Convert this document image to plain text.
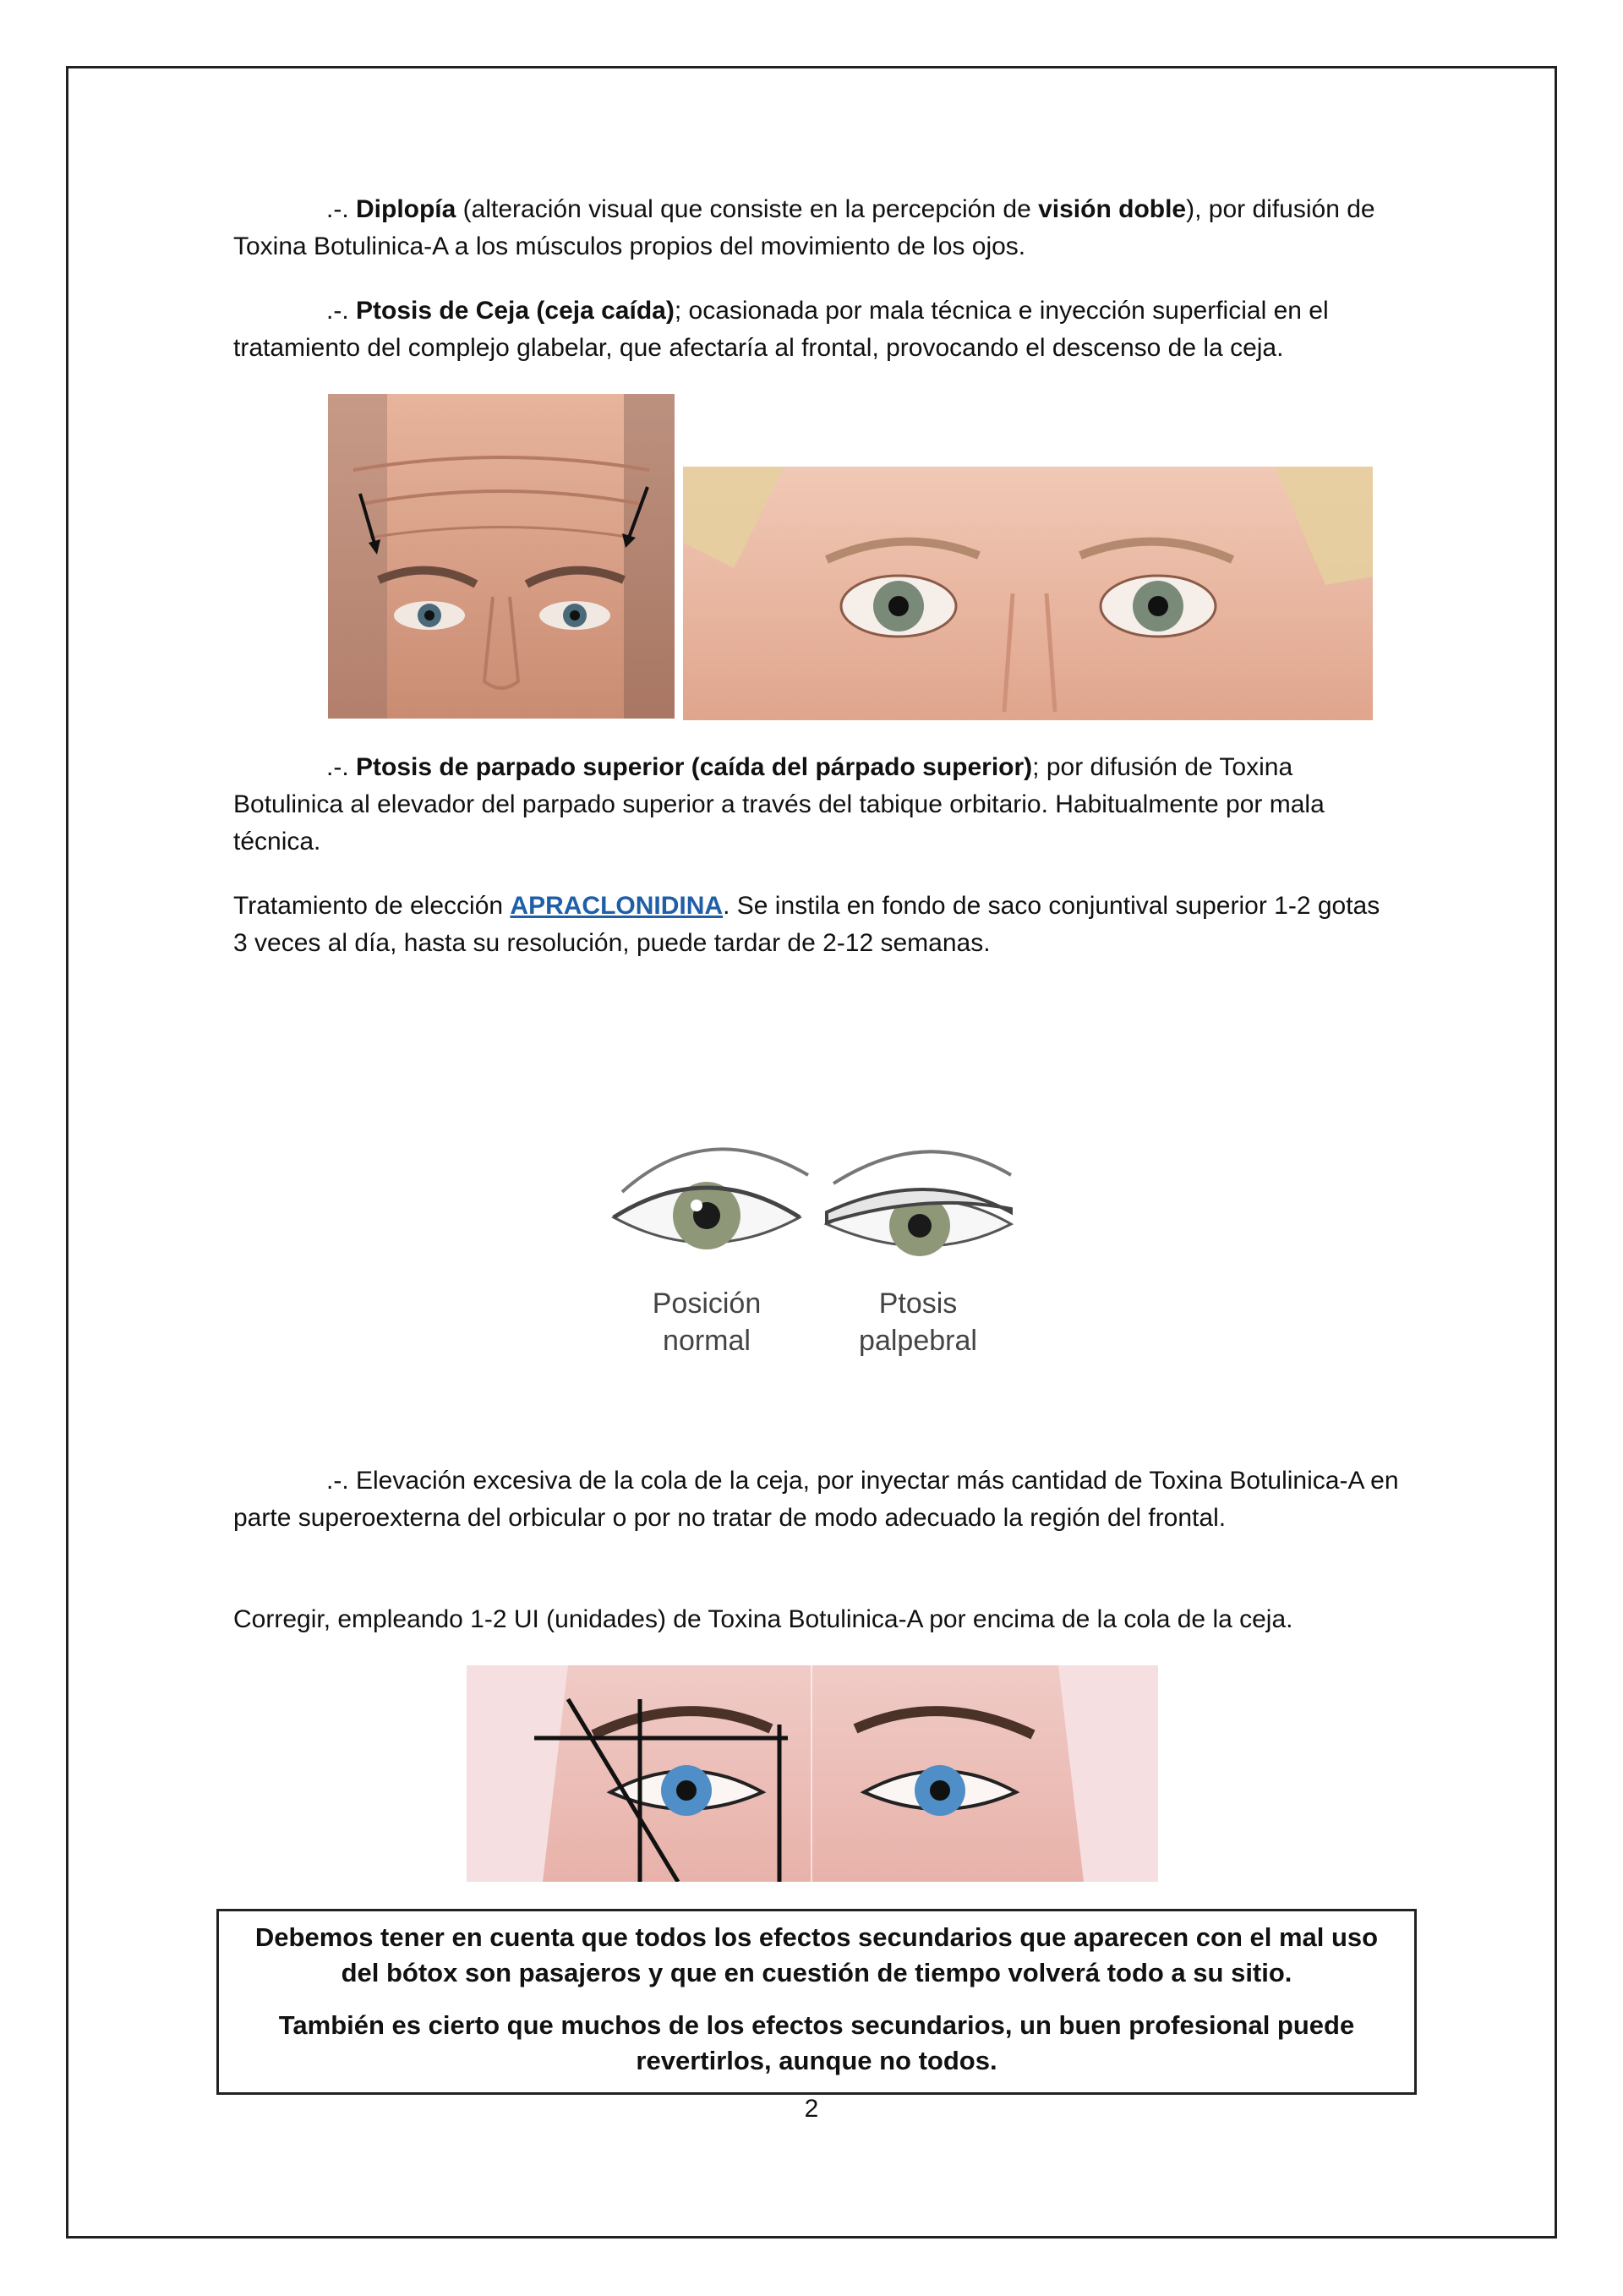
.-. Diplopía (alteración visual que consiste en la percepción de visión doble), por difusión de Toxina Botulinica-A a los músculos propios del movimiento de los ojos.

.-. Ptosis de Ceja (ceja caída); ocasionada por mala técnica e inyección superficial en el tratamiento del complejo glabelar, que afectaría al frontal, provocando el descenso de la ceja.

.-. Ptosis de parpado superior (caída del párpado superior); por difusión de Toxina Botulinica al elevador del parpado superior a través del tabique orbitario. Habitualmente por mala técnica.

Tratamiento de elección APRACLONIDINA. Se instila en fondo de saco conjuntival superior 1-2 gotas 3 veces al día, hasta su resolución, puede tardar de 2-12 semanas.

Posición normal
Ptosis palpebral

.-. Elevación excesiva de la cola de la ceja, por inyectar más cantidad de Toxina Botulinica-A en parte superoexterna del orbicular o por no tratar de modo adecuado la región del frontal.

Corregir, empleando 1-2 UI (unidades) de Toxina Botulinica-A por encima de la cola de la ceja.

Debemos tener en cuenta que todos los efectos secundarios que aparecen con el mal uso del bótox son pasajeros y que en cuestión de tiempo volverá todo a su sitio.

También es cierto que muchos de los efectos secundarios, un buen profesional puede revertirlos, aunque no todos.

2
